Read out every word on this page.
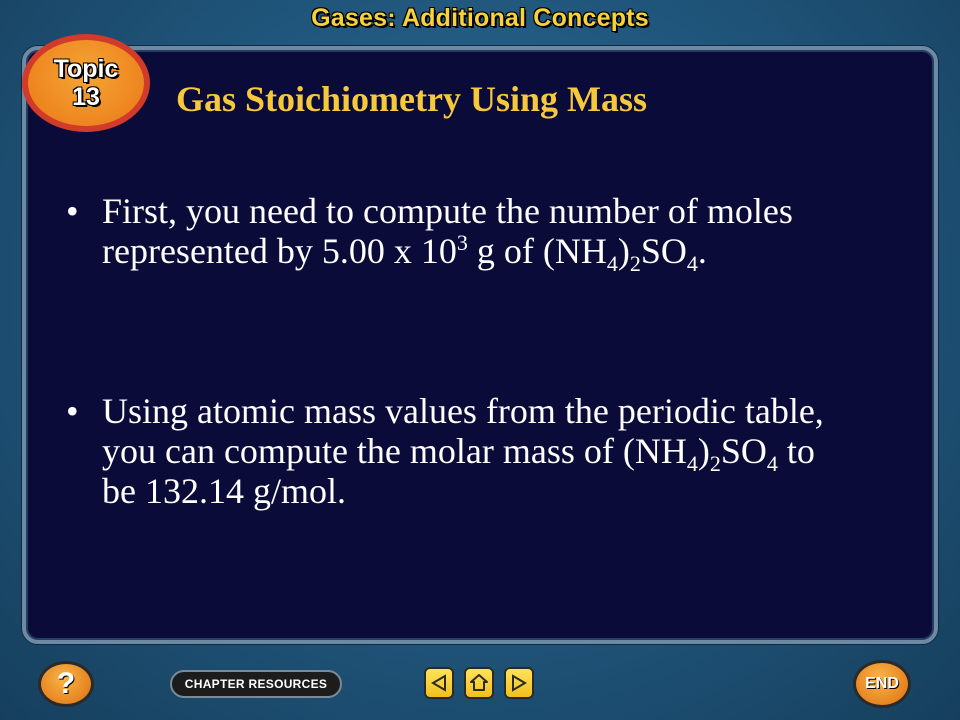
Gases: Additional Concepts
Topic
13 Gas Stoichiometry Using Mass
• First, you need to compute the number of moles represented by 5.00 x $10^3$ g of $(NH_4)_2SO_4$.
• Using atomic mass values from the periodic table, you can compute the molar mass of $(NH_4)_2SO_4$ to be 132.14 g/mol.
?	CHAPTER RESOURCES	END
